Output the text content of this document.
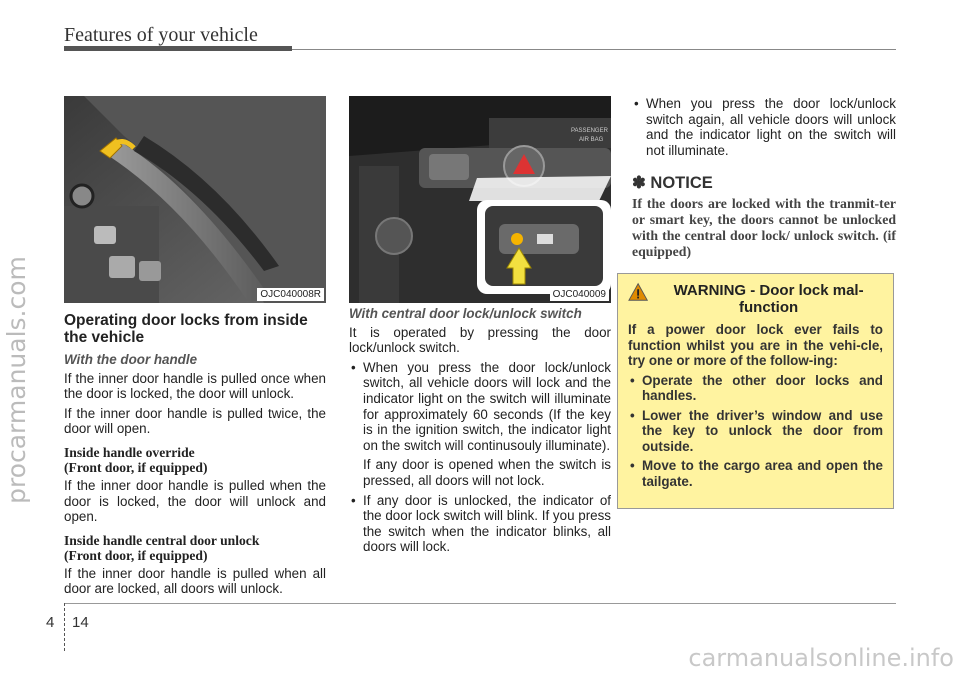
Features of your vehicle
procarmanuals.com	OJC040008R
PASSENGER
AIR BAG
OJC040009
Operating door locks from inside the vehicle
With the door handle

If the inner door handle is pulled once when the door is locked, the door will unlock.

If the inner door handle is pulled twice, the door will open.

Inside handle override
(Front door, if equipped)

If the inner door handle is pulled when the door is locked, the door will unlock and open.

Inside handle central door unlock
(Front door, if equipped)

If the inner door handle is pulled when all door are locked, all doors will unlock.

With central door lock/unlock switch

It is operated by pressing the door lock/unlock switch.

• When you press the door lock/unlock switch, all vehicle doors will lock and the indicator light on the switch will illuminate for approximately 60 seconds (If the key is in the ignition switch, the indicator light on the switch will continusouly illuminate).
If any door is opened when the switch is pressed, all doors will not lock.
• If any door is unlocked, the indicator of the door lock switch will blink. If you press the switch when the indicator blinks, all doors will lock.
• When you press the door lock/unlock switch again, all vehicle doors will unlock and the indicator light on the switch will not illuminate.
✽ NOTICE
If the doors are locked with the tranmit-ter or smart key, the doors cannot be unlocked with the central door lock/ unlock switch. (if equipped)
WARNING - Door lock mal-function
If a power door lock ever fails to function whilst you are in the vehi-cle, try one or more of the follow-ing:
• Operate the other door locks and handles.
• Lower the driver’s window and use the key to unlock the door from outside.
• Move to the cargo area and open the tailgate.
4 14
carmanualsonline.info
